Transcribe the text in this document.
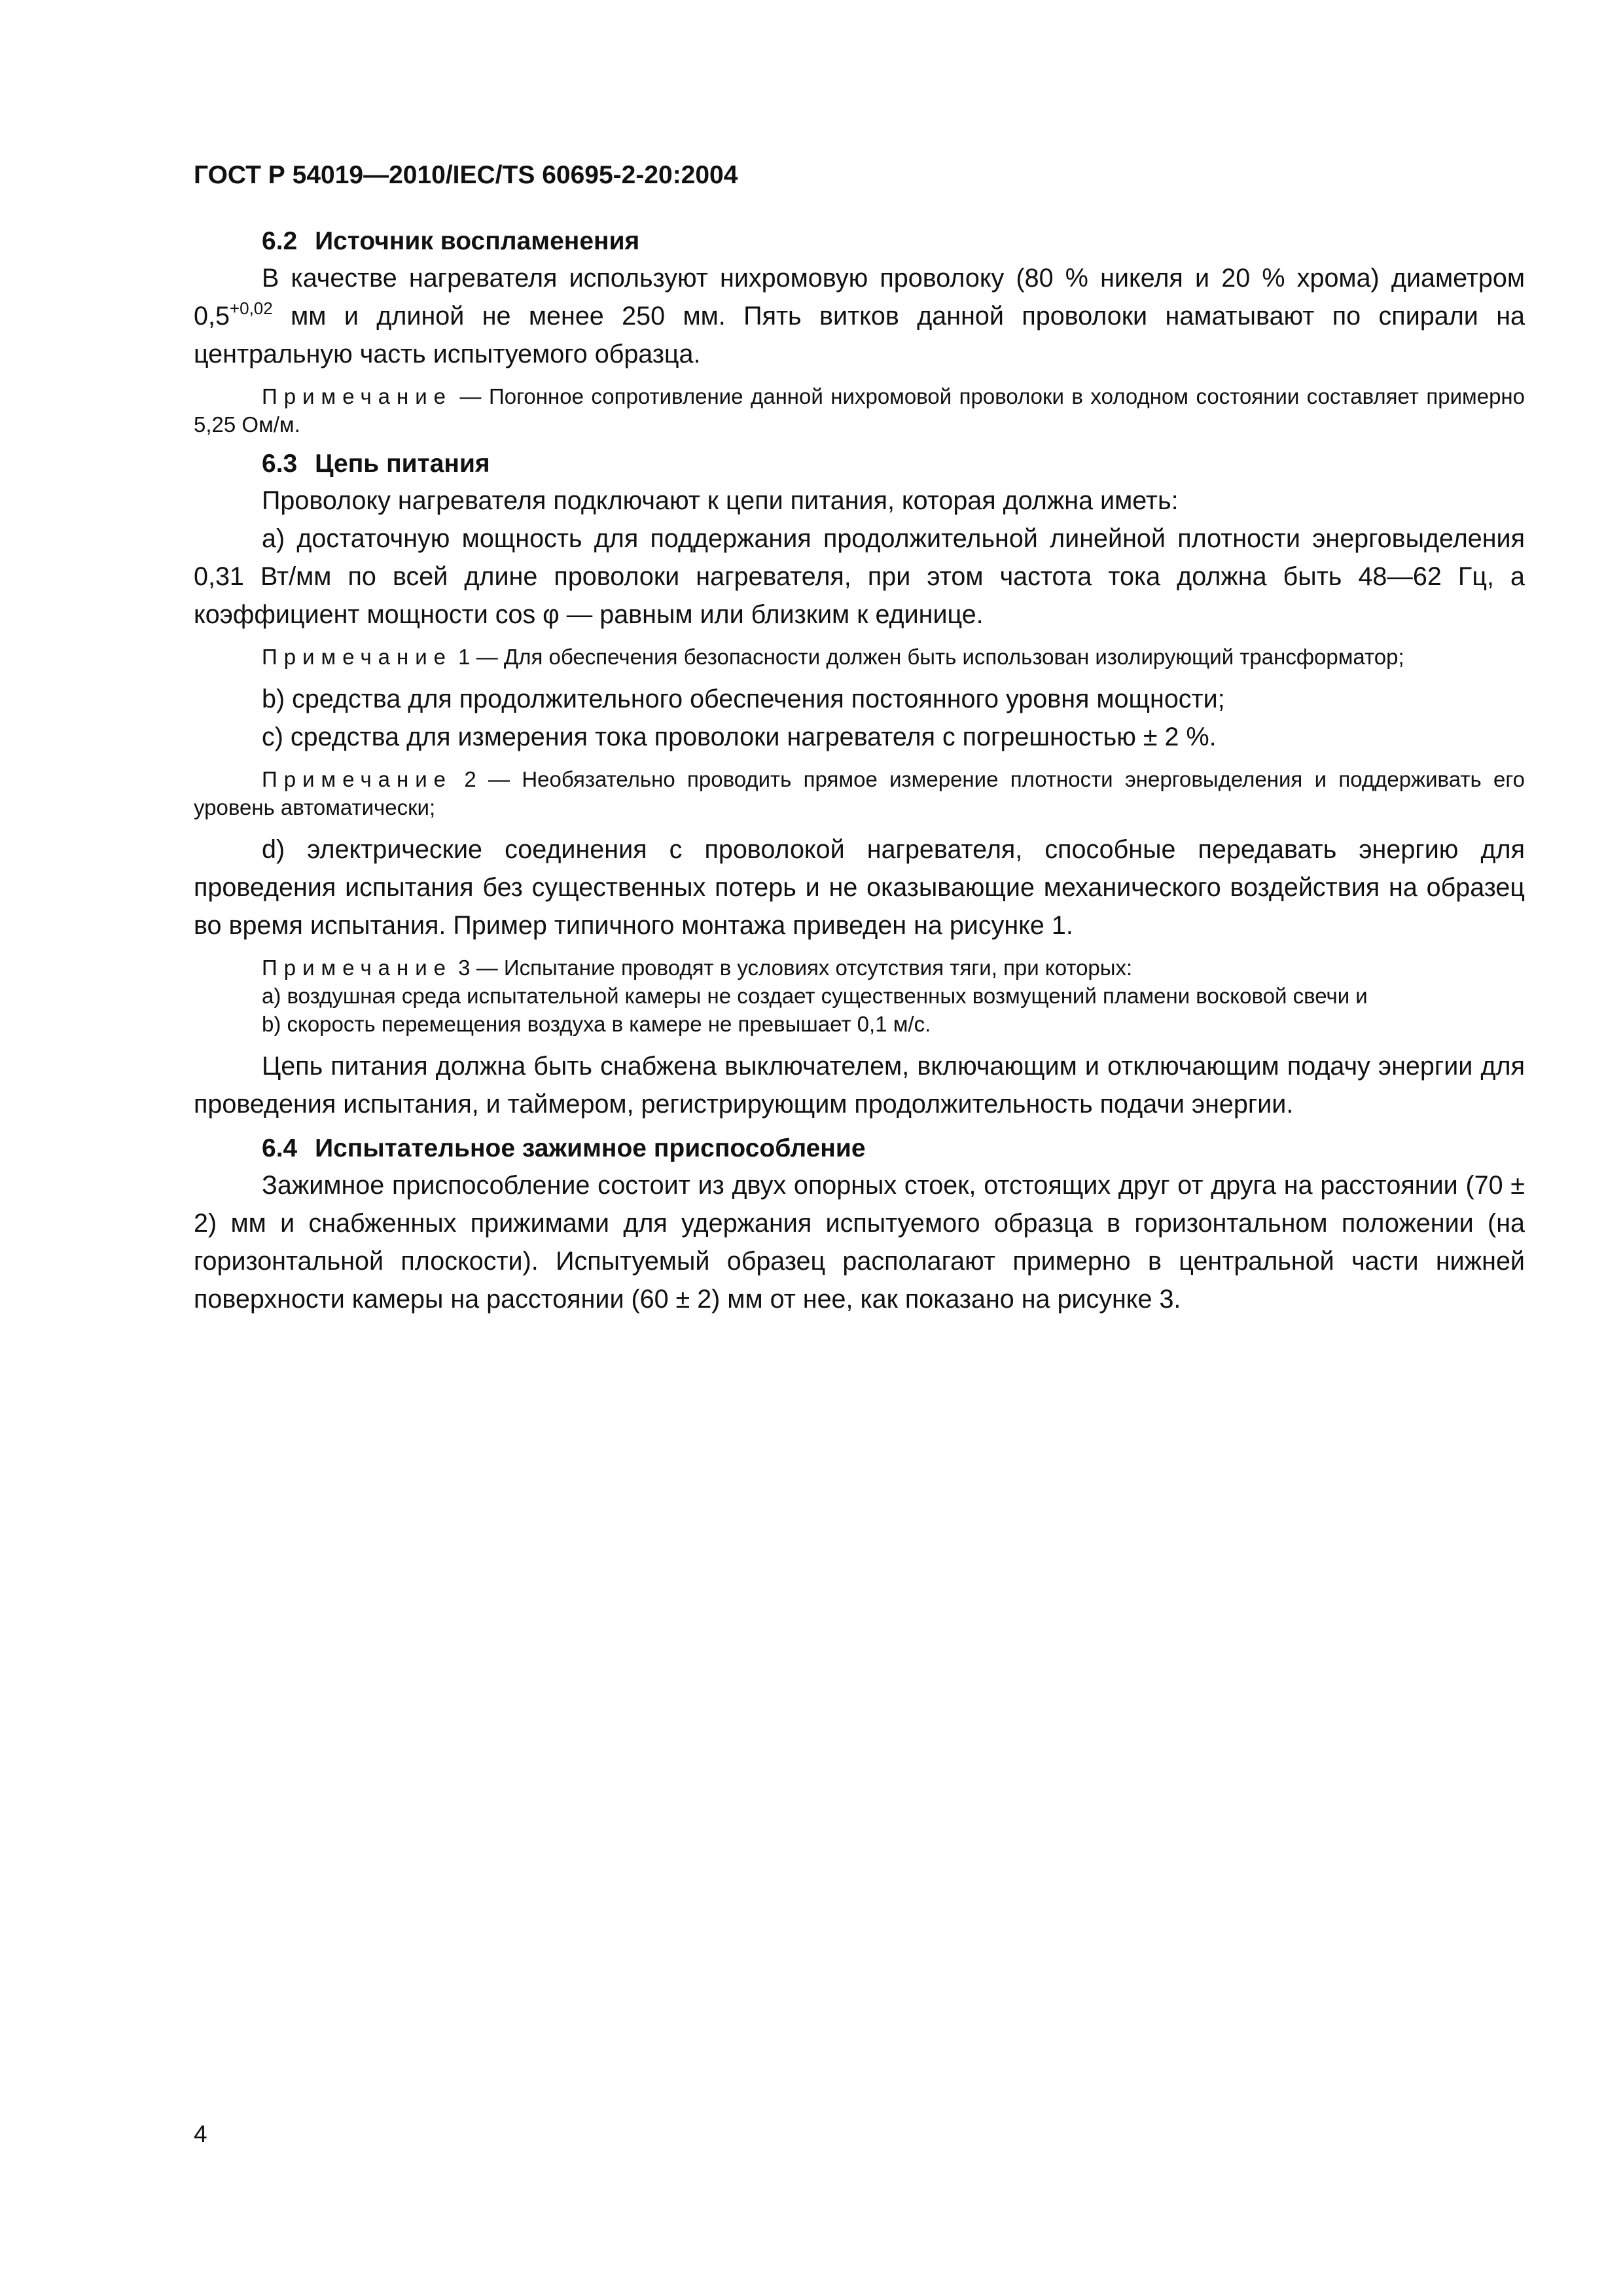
ГОСТ Р 54019—2010/IEC/TS 60695-2-20:2004
6.2 Источник воспламенения

В качестве нагревателя используют нихромовую проволоку (80 % никеля и 20 % хрома) диаметром $0,5^{+0,02}$ мм и длиной не менее 250 мм. Пять витков данной проволоки наматывают по спирали на центральную часть испытуемого образца.

Примечание — Погонное сопротивление данной нихромовой проволоки в холодном состоянии составляет примерно 5,25 Ом/м.

6.3 Цепь питания

Проволоку нагревателя подключают к цепи питания, которая должна иметь:

a) достаточную мощность для поддержания продолжительной линейной плотности энерговыделения 0,31 Вт/мм по всей длине проволоки нагревателя, при этом частота тока должна быть 48—62 Гц, а коэффициент мощности cos φ — равным или близким к единице.

Примечание 1 — Для обеспечения безопасности должен быть использован изолирующий трансформатор;

b) средства для продолжительного обеспечения постоянного уровня мощности;

c) средства для измерения тока проволоки нагревателя с погрешностью ± 2 %.

Примечание 2 — Необязательно проводить прямое измерение плотности энерговыделения и поддерживать его уровень автоматически;

d) электрические соединения с проволокой нагревателя, способные передавать энергию для проведения испытания без существенных потерь и не оказывающие механического воздействия на образец во время испытания. Пример типичного монтажа приведен на рисунке 1.

Примечание 3 — Испытание проводят в условиях отсутствия тяги, при которых:

a) воздушная среда испытательной камеры не создает существенных возмущений пламени восковой свечи и

b) скорость перемещения воздуха в камере не превышает 0,1 м/с.

Цепь питания должна быть снабжена выключателем, включающим и отключающим подачу энергии для проведения испытания, и таймером, регистрирующим продолжительность подачи энергии.

6.4 Испытательное зажимное приспособление

Зажимное приспособление состоит из двух опорных стоек, отстоящих друг от друга на расстоянии (70 ± 2) мм и снабженных прижимами для удержания испытуемого образца в горизонтальном положении (на горизонтальной плоскости). Испытуемый образец располагают примерно в центральной части нижней поверхности камеры на расстоянии (60 ± 2) мм от нее, как показано на рисунке 3.

4
